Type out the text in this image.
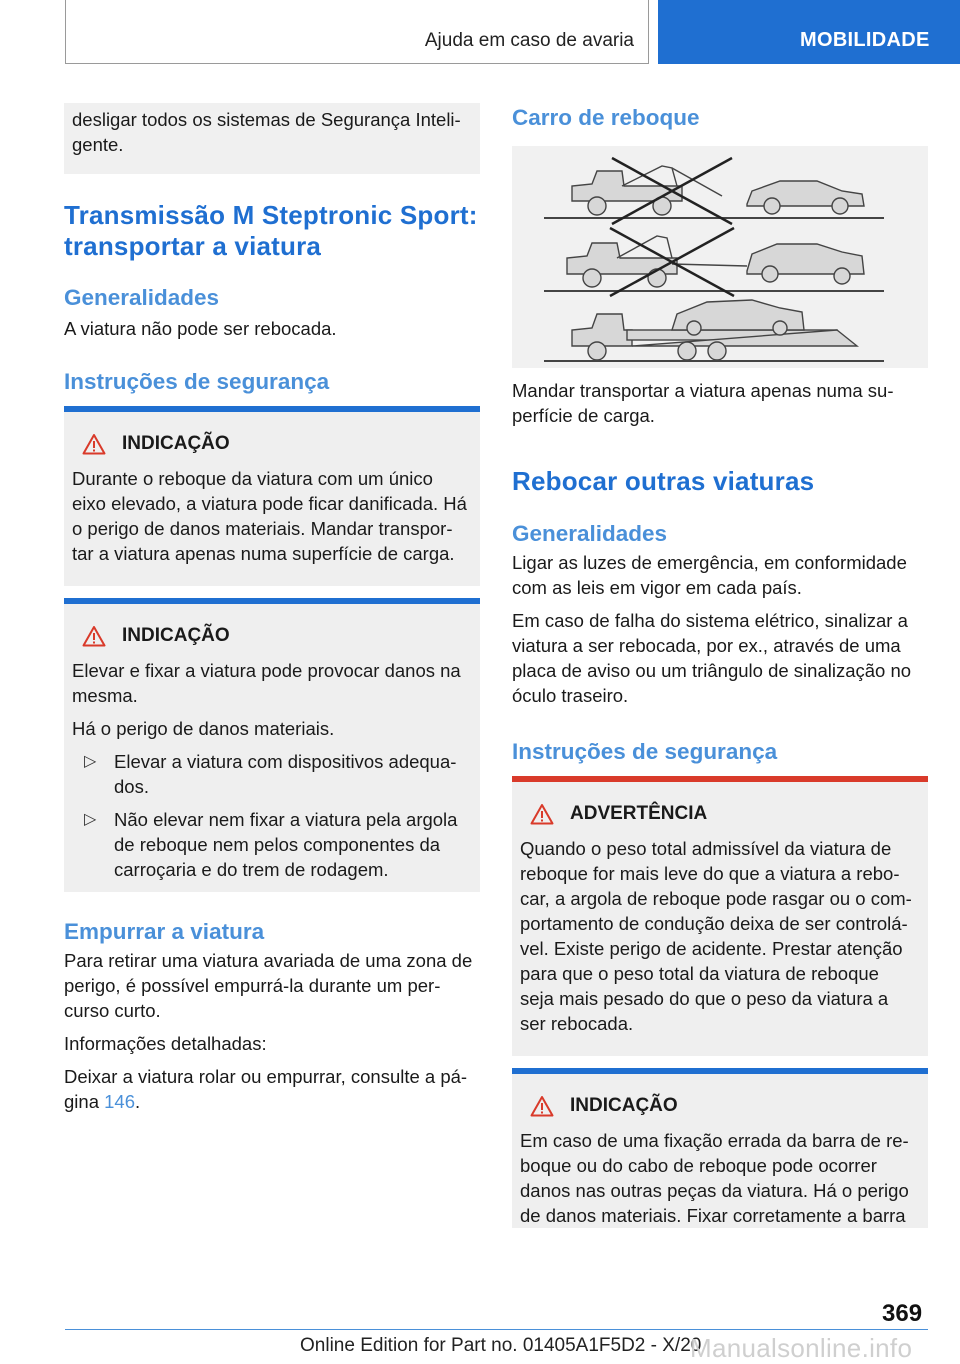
Ajuda em caso de avaria	MOBILIDADE

desligar todos os sistemas de Segurança Inteli-gente.

Transmissão M Steptronic Sport:
transportar a viatura

Generalidades

A viatura não pode ser rebocada.

Instruções de segurança

INDICAÇÃO

Durante o reboque da viatura com um único
eixo elevado, a viatura pode ficar danificada. Há
o perigo de danos materiais. Mandar transpor-
tar a viatura apenas numa superfície de carga.

INDICAÇÃO

Elevar e fixar a viatura pode provocar danos na
mesma.

Há o perigo de danos materiais.

▷ Elevar a viatura com dispositivos adequa-
dos.
▷ Não elevar nem fixar a viatura pela argola
de reboque nem pelos componentes da
carroçaria e do trem de rodagem.

Empurrar a viatura

Para retirar uma viatura avariada de uma zona de
perigo, é possível empurrá-la durante um per-
curso curto.

Informações detalhadas:

Deixar a viatura rolar ou empurrar, consulte a pá-
gina 146.

Carro de reboque

Mandar transportar a viatura apenas numa su-
perfície de carga.

Rebocar outras viaturas

Generalidades

Ligar as luzes de emergência, em conformidade
com as leis em vigor em cada país.

Em caso de falha do sistema elétrico, sinalizar a
viatura a ser rebocada, por ex., através de uma
placa de aviso ou um triângulo de sinalização no
óculo traseiro.

Instruções de segurança

ADVERTÊNCIA

Quando o peso total admissível da viatura de
reboque for mais leve do que a viatura a rebo-
car, a argola de reboque pode rasgar ou o com-
portamento de condução deixa de ser controlá-
vel. Existe perigo de acidente. Prestar atenção
para que o peso total da viatura de reboque
seja mais pesado do que o peso da viatura a
ser rebocada.

INDICAÇÃO

Em caso de uma fixação errada da barra de re-
boque ou do cabo de reboque pode ocorrer
danos nas outras peças da viatura. Há o perigo
de danos materiais. Fixar corretamente a barra

369
Online Edition for Part no. 01405A1F5D2 - X/20
Manualsonline.info
